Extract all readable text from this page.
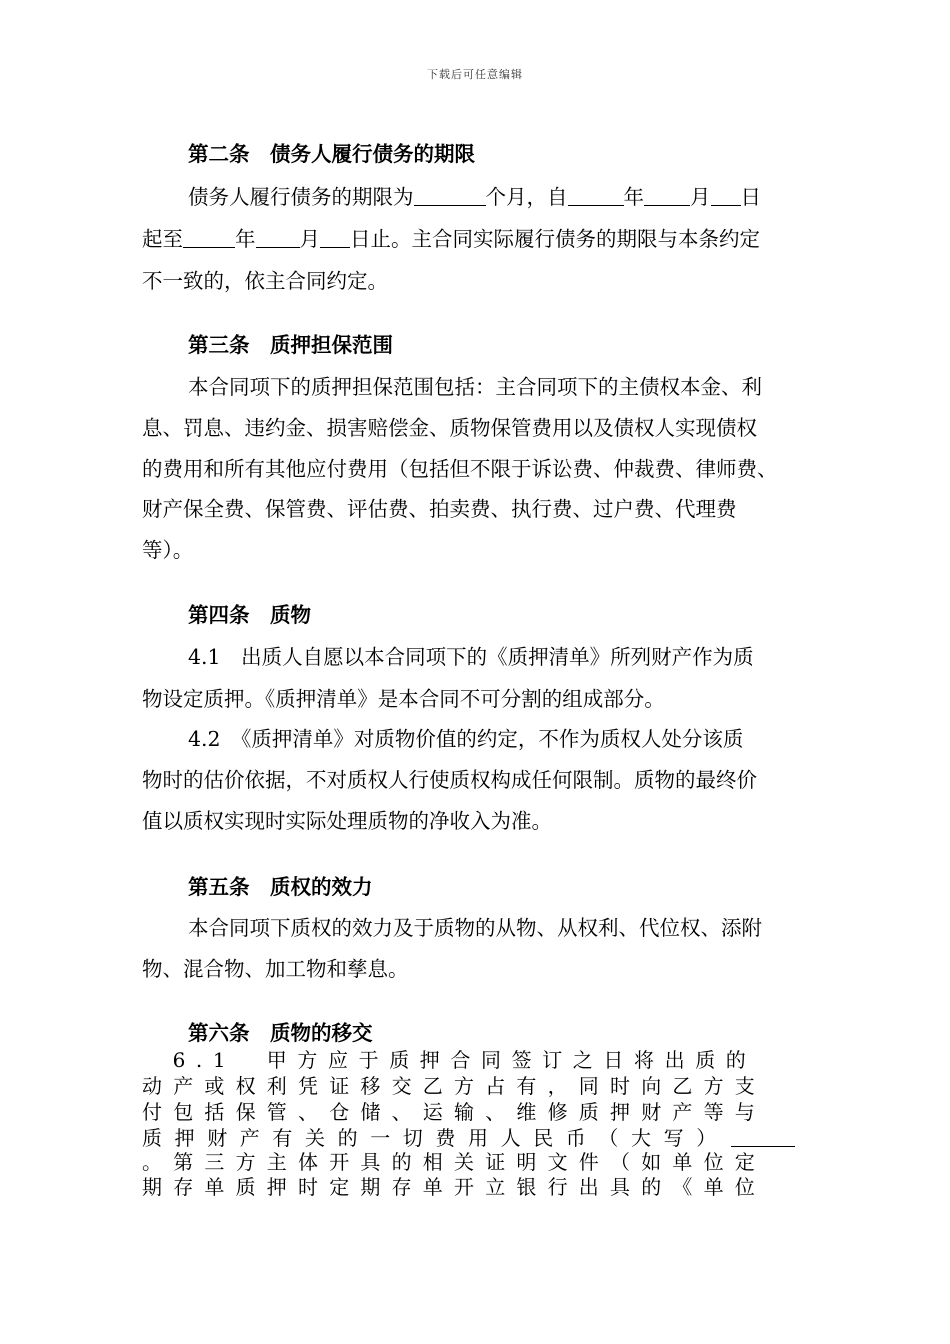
下载后可任意编辑
第二条　债务人履行债务的期限
债务人履行债务的期限为	个月，自	年 月 日
起至	年 月 日止。主合同实际履行债务的期限与本条约定
不一致的，依主合同约定。
第三条　质押担保范围
本合同项下的质押担保范围包括：主合同项下的主债权本金、利
息、罚息、违约金、损害赔偿金、质物保管费用以及债权人实现债权
的费用和所有其他应付费用（包括但不限于诉讼费、仲裁费、律师费、
财产保全费、保管费、评估费、拍卖费、执行费、过户费、代理费
等）。
第四条　质物
4.1　出质人自愿以本合同项下的《质押清单》所列财产作为质
物设定质押。《质押清单》是本合同不可分割的组成部分。
4.2　《质押清单》对质物价值的约定，不作为质权人处分该质
物时的估价依据，不对质权人行使质权构成任何限制。质物的最终价
值以质权实现时实际处理质物的净收入为准。
第五条　质权的效力
本合同项下质权的效力及于质物的从物、从权利、代位权、添附
物、混合物、加工物和孳息。
第六条　质物的移交
　6.1　甲方应于质押合同签订之日将出质的
动产或权利凭证移交乙方占有，同时向乙方支
付包括保管、仓储、运输、维修质押财产等与
质押财产有关的一切费用人民币（大写）
。第三方主体开具的相关证明文件（如单位定
期存单质押时定期存单开立银行出具的《单位
